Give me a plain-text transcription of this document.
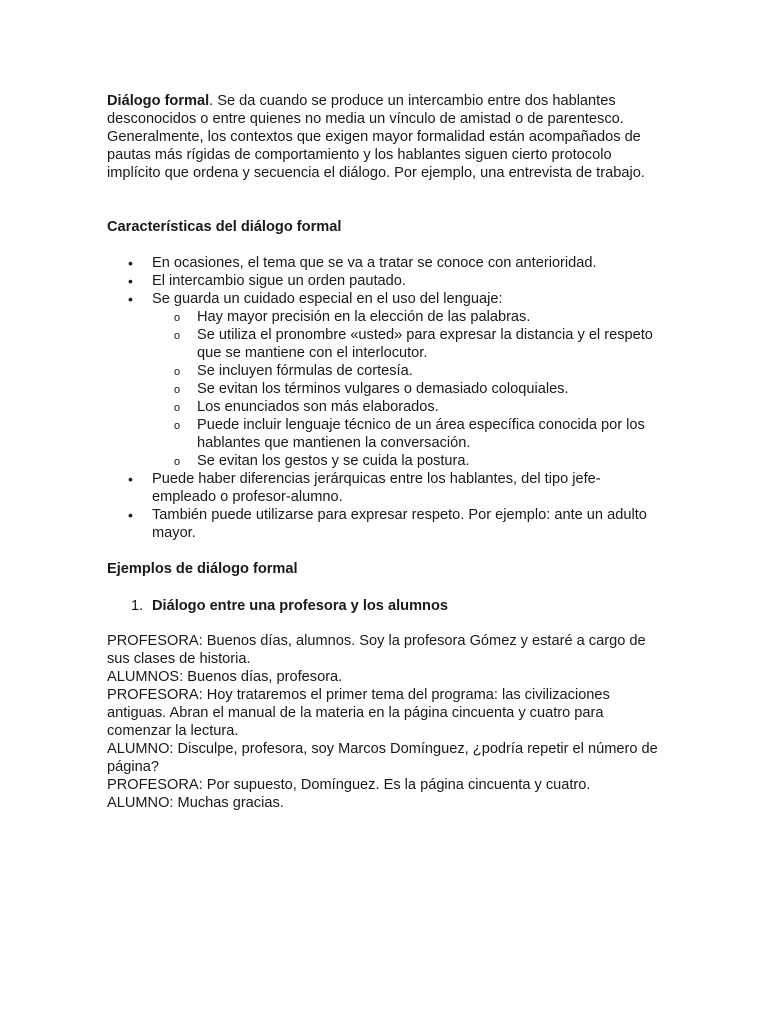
Diálogo formal. Se da cuando se produce un intercambio entre dos hablantes desconocidos o entre quienes no media un vínculo de amistad o de parentesco. Generalmente, los contextos que exigen mayor formalidad están acompañados de pautas más rígidas de comportamiento y los hablantes siguen cierto protocolo implícito que ordena y secuencia el diálogo. Por ejemplo, una entrevista de trabajo.

Características del diálogo formal
• En ocasiones, el tema que se va a tratar se conoce con anterioridad.
• El intercambio sigue un orden pautado.
• Se guarda un cuidado especial en el uso del lenguaje:
o Hay mayor precisión en la elección de las palabras.
o Se utiliza el pronombre «usted» para expresar la distancia y el respeto que se mantiene con el interlocutor.
o Se incluyen fórmulas de cortesía.
o Se evitan los términos vulgares o demasiado coloquiales.
o Los enunciados son más elaborados.
o Puede incluir lenguaje técnico de un área específica conocida por los hablantes que mantienen la conversación.
o Se evitan los gestos y se cuida la postura.
• Puede haber diferencias jerárquicas entre los hablantes, del tipo jefe-empleado o profesor-alumno.
• También puede utilizarse para expresar respeto. Por ejemplo: ante un adulto mayor.
Ejemplos de diálogo formal
1. Diálogo entre una profesora y los alumnos

PROFESORA: Buenos días, alumnos. Soy la profesora Gómez y estaré a cargo de sus clases de historia.

ALUMNOS: Buenos días, profesora.

PROFESORA: Hoy trataremos el primer tema del programa: las civilizaciones antiguas. Abran el manual de la materia en la página cincuenta y cuatro para comenzar la lectura.

ALUMNO: Disculpe, profesora, soy Marcos Domínguez, ¿podría repetir el número de página?

PROFESORA: Por supuesto, Domínguez. Es la página cincuenta y cuatro.

ALUMNO: Muchas gracias.
